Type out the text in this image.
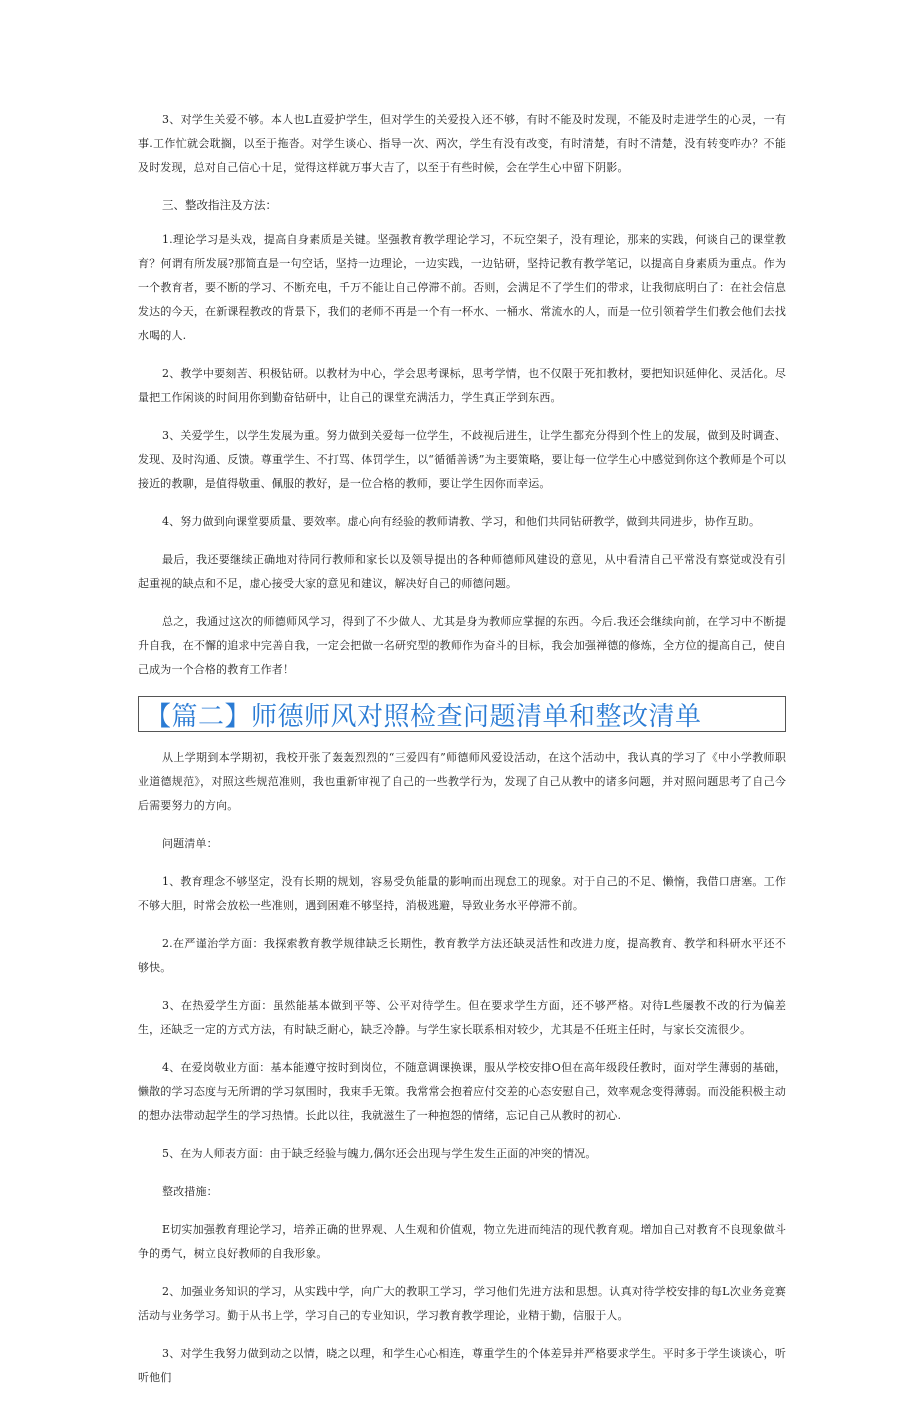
3、对学生关爱不够。本人也L直爱护学生，但对学生的关爱投入还不够，有时不能及时发现，不能及时走进学生的心灵，一有事.工作忙就会耽搁，以至于拖沓。对学生谈心、指导一次、两次，学生有没有改变，有时清楚，有时不清楚，没有转变咋办？不能及时发现，总对自己信心十足，觉得这样就万事大吉了，以至于有些时候，会在学生心中留下阴影。

三、整改指注及方法：

1.理论学习是头戏，提高自身素质是关键。坚强教育教学理论学习，不玩空架子，没有理论，那来的实践，何谈自己的课堂教育？何谓有所发展?那简直是一句空话，坚持一边理论，一边实践，一边钻研，坚持记教有教学笔记，以提高自身素质为重点。作为一个教育者，要不断的学习、不断充电，千万不能让自己停滞不前。否则，会满足不了学生们的带求，让我彻底明白了：在社会信息发达的今天，在新课程教改的背景下，我们的老师不再是一个有一杯水、一桶水、常流水的人，而是一位引领着学生们教会他们去找水喝的人.

2、教学中要刻苦、积极钻研。以教材为中心，学会思考课标，思考学情，也不仅限于死扣教材，要把知识延伸化、灵活化。尽量把工作闲谈的时间用你到勤奋钻研中，让自己的课堂充满活力，学生真正学到东西。

3、关爱学生，以学生发展为重。努力做到关爱每一位学生，不歧视后进生，让学生都充分得到个性上的发展，做到及时调查、发现、及时沟通、反馈。尊重学生、不打骂、体罚学生，以“循循善诱”为主要策略，要让每一位学生心中感觉到你这个教师是个可以接近的教聊，是值得敬重、佩服的教好，是一位合格的教师，要让学生因你而幸运。

4、努力做到向课堂要质量、要效率。虚心向有经验的教师请教、学习，和他们共同钻研教学，做到共同进步，协作互助。

最后，我还要继续正确地对待同行教师和家长以及领导提出的各种师德师风建设的意见，从中看清自己平常没有察觉或没有引起重视的缺点和不足，虚心接受大家的意见和建议，解决好自己的师德问题。

总之，我通过这次的师德师风学习，得到了不少做人、尤其是身为教师应掌握的东西。今后.我还会继续向前，在学习中不断提升自我，在不懈的追求中完善自我，一定会把做一名研究型的教师作为奋斗的目标，我会加强禅德的修炼，全方位的提高自己，使自己成为一个合格的教育工作者！

【篇二】师德师风对照检查问题清单和整改清单

从上学期到本学期初，我校开张了轰轰烈烈的“三爱四有”师德师风爱设活动，在这个活动中，我认真的学习了《中小学教师职业道德规范》，对照这些规范准则，我也重新审视了自己的一些教学行为，发现了自己从教中的诸多问题，并对照问题思考了自己今后需要努力的方向。

问题清单：

1、教育理念不够坚定，没有长期的规划，容易受负能量的影响而出现怠工的现象。对于自己的不足、懒惰，我借口唐塞。工作不够大胆，时常会放松一些准则，遇到困难不够坚持，消极逃避，导致业务水平停滞不前。

2.在严谨治学方面：我探索教育教学规律缺乏长期性，教育教学方法还缺灵活性和改进力度，提高教育、教学和科研水平还不够快。

3、在热爱学生方面：虽然能基本做到平等、公平对待学生。但在要求学生方面，还不够严格。对待L些屡教不改的行为偏差生，还缺乏一定的方式方法，有时缺乏耐心，缺乏冷静。与学生家长联系相对较少，尤其是不任班主任时，与家长交流很少。

4、在爱岗敬业方面：基本能遵守按时到岗位，不随意调课换课，服从学校安排O但在高年级段任教时，面对学生薄弱的基础，懒散的学习态度与无所谓的学习氛围时，我束手无策。我常常会抱着应付交差的心态安慰自己，效率观念变得薄弱。而没能积极主动的想办法带动起学生的学习热情。长此以往，我就滋生了一种抱怨的情绪，忘记自己从教时的初心.

5、在为人师表方面：由于缺乏经验与魄力,偶尔还会出现与学生发生正面的冲突的情况。

整改措施：

E切实加强教育理论学习，培养正确的世界观、人生观和价值观，物立先进而纯洁的现代教育观。增加自己对教育不良现象做斗争的勇气，树立良好教师的自我形象。

2、加强业务知识的学习，从实践中学，向广大的教职工学习，学习他们先进方法和思想。认真对待学校安排的每L次业务竞赛活动与业务学习。勤于从书上学，学习自己的专业知识，学习教育教学理论，业精于勤，信服于人。

3、对学生我努力做到动之以情，晓之以理，和学生心心相连，尊重学生的个体差异并严格要求学生。平时多于学生谈谈心，听听他们
